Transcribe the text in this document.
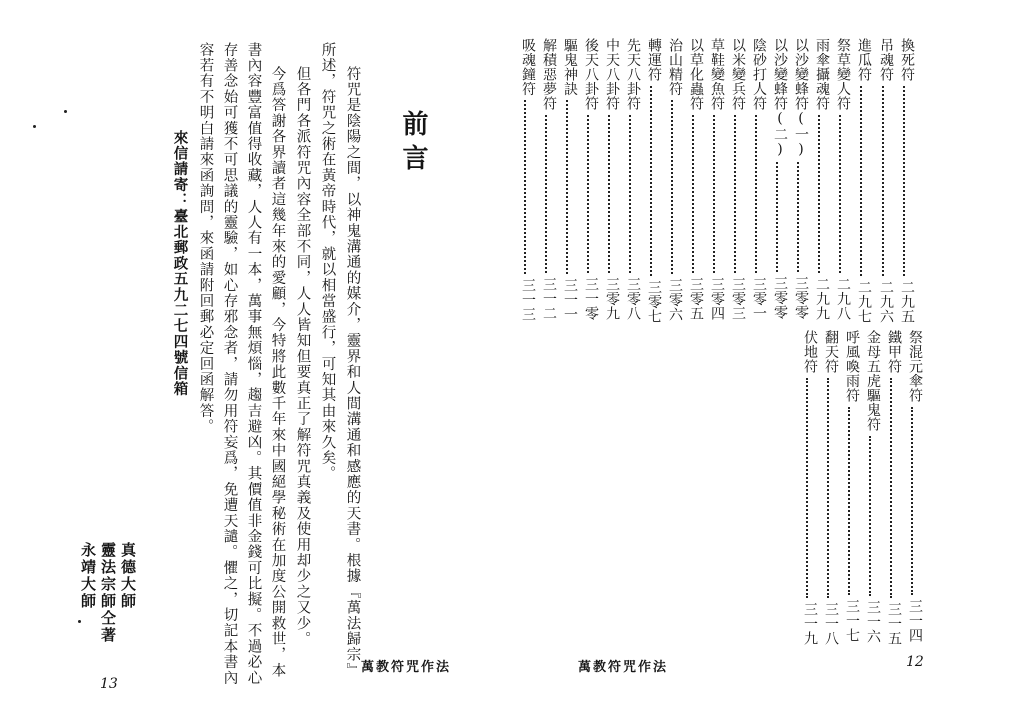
換死符二九五
吊魂符二九六
進瓜符二九七
祭草變人符二九八
雨傘攝魂符二九九
以沙變蜂符(一)三零零
以沙變蜂符(二)三零零
陰砂打人符三零一
以米變兵符三零三
草鞋變魚符三零四
以草化蟲符三零五
治山精符三零六
轉運符三零七
先天八卦符三零八
中天八卦符三零九
後天八卦符三一零
驅鬼神訣三一一
解積惡夢符三一二
吸魂鐘符三一三
祭混元傘符三一四
鐵甲符三一五
金母五虎驅鬼符三一六
呼風喚雨符三一七
翻天符三一八
伏地符三一九
萬教符咒作法	12
前言
符咒是陰陽之間，以神鬼溝通的媒介，靈界和人間溝通和感應的天書。根據『萬法歸宗』
所述，符咒之術在黃帝時代，就以相當盛行，可知其由來久矣。
但各門各派符咒內容全部不同，人人皆知但要真正了解符咒真義及使用却少之又少。
今爲答謝各界讀者這幾年來的愛顧，今特將此數千年來中國絕學秘術在加度公開救世，本
書內容豐富值得收藏，人人有一本，萬事無煩惱，趨吉避凶。其價值非金錢可比擬。不過必心
存善念始可獲不可思議的靈驗，如心存邪念者，請勿用符妄爲，免遭天譴。懼之，切記本書內
容若有不明白請來函詢問，來函請附回郵必定回函解答。
來信請寄：臺北郵政五九二七四號信箱
真德大師
靈法宗師仝著
永靖大師
萬教符咒作法
13
